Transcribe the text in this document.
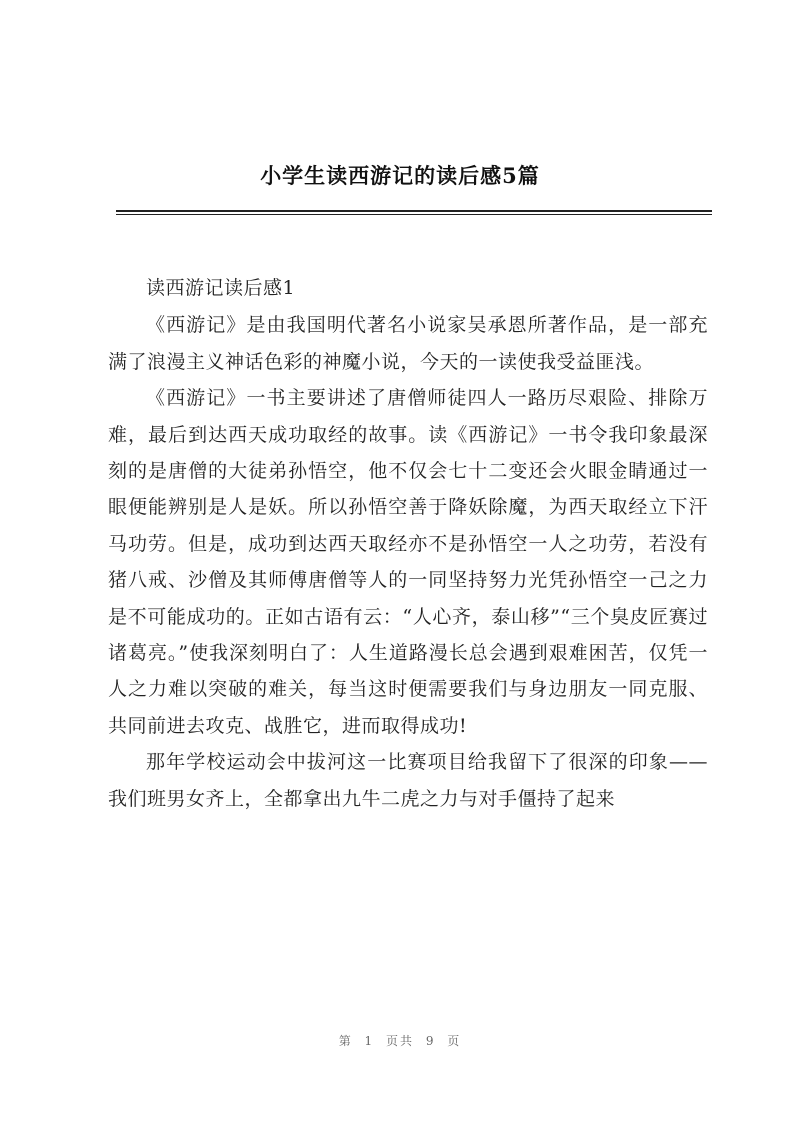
小学生读西游记的读后感5篇

读西游记读后感1

《西游记》是由我国明代著名小说家吴承恩所著作品，是一部充满了浪漫主义神话色彩的神魔小说，今天的一读使我受益匪浅。

《西游记》一书主要讲述了唐僧师徒四人一路历尽艰险、排除万难，最后到达西天成功取经的故事。读《西游记》一书令我印象最深刻的是唐僧的大徒弟孙悟空，他不仅会七十二变还会火眼金睛通过一眼便能辨别是人是妖。所以孙悟空善于降妖除魔，为西天取经立下汗马功劳。但是，成功到达西天取经亦不是孙悟空一人之功劳，若没有猪八戒、沙僧及其师傅唐僧等人的一同坚持努力光凭孙悟空一己之力是不可能成功的。正如古语有云：“人心齐，泰山移”“三个臭皮匠赛过诸葛亮。”使我深刻明白了：人生道路漫长总会遇到艰难困苦，仅凭一人之力难以突破的难关，每当这时便需要我们与身边朋友一同克服、共同前进去攻克、战胜它，进而取得成功!

那年学校运动会中拔河这一比赛项目给我留下了很深的印象——我们班男女齐上，全都拿出九牛二虎之力与对手僵持了起来

第 1 页共 9 页
